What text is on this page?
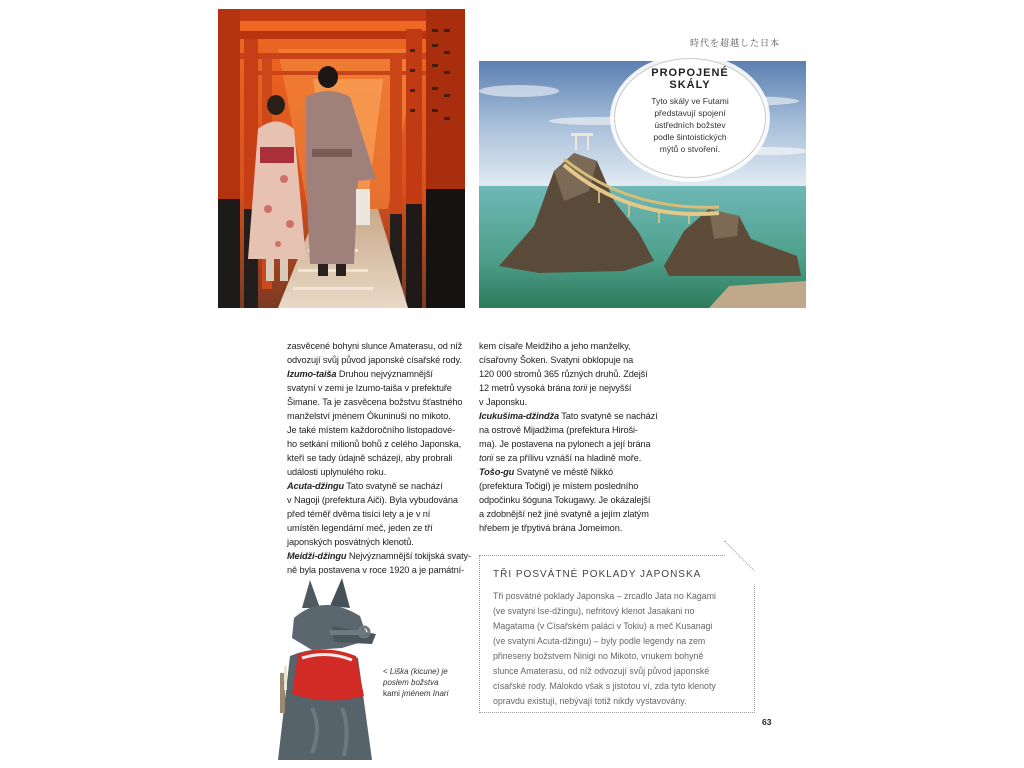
時代を超越した日本
PROPOJENÉ
SKÁLY
Tyto skály ve Futami
představují spojení
ústředních božstev
podle šintoistických
mýtů o stvoření.

zasvěcené bohyni slunce Amaterasu, od níž

odvozují svůj původ japonské císařské rody.

Izumo-taiša Druhou nejvýznamnější

svatyní v zemi je Izumo-taiša v prefektuře

Šimane. Ta je zasvěcena božstvu šťastného

manželství jménem Ókuninuši no mikoto.

Je také místem každoročního listopadové-

ho setkání milionů bohů z celého Japonska,

kteří se tady údajně scházejí, aby probrali

události uplynulého roku.

Acuta-džingu Tato svatyně se nachází

v Nagoji (prefektura Aiči). Byla vybudována

před téměř dvěma tisíci lety a je v ní

umístěn legendární meč, jeden ze tří

japonských posvátných klenotů.

Meidži-džingu Nejvýznamnější tokijská svaty-

ně byla postavena v roce 1920 a je památní-

kem císaře Meidžiho a jeho manželky,

císařovny Šoken. Svatyni obklopuje na

120 000 stromů 365 různých druhů. Zdejší

12 metrů vysoká brána torii je nejvyšší

v Japonsku.

Icukušima-džindža Tato svatyně se nachází

na ostrově Mijadžima (prefektura Hiroši-

ma). Je postavena na pylonech a její brána

torii se za přílivu vznáší na hladině moře.

Tošo-gu Svatyně ve městě Nikkó

(prefektura Točigi) je místem posledního

odpočinku šóguna Tokugawy. Je okázalejší

a zdobnější než jiné svatyně a jejím zlatým

hřebem je třpytivá brána Jomeimon.

< Liška (kicune) je
poslem božstva
kami jménem Inari
TŘI POSVÁTNÉ POKLADY JAPONSKA

Tři posvátné poklady Japonska – zrcadlo Jata no Kagami

(ve svatyni Ise-džingu), nefritový klenot Jasakani no

Magatama (v Císařském paláci v Tokiu) a meč Kusanagi

(ve svatyni Acuta-džingu) – byly podle legendy na zem

přineseny božstvem Ninigi no Mikoto, vnukem bohyně

slunce Amaterasu, od níž odvozují svůj původ japonské

císařské rody. Málokdo však s jistotou ví, zda tyto klenoty

opravdu existují, nebývají totiž nikdy vystavovány.

63
